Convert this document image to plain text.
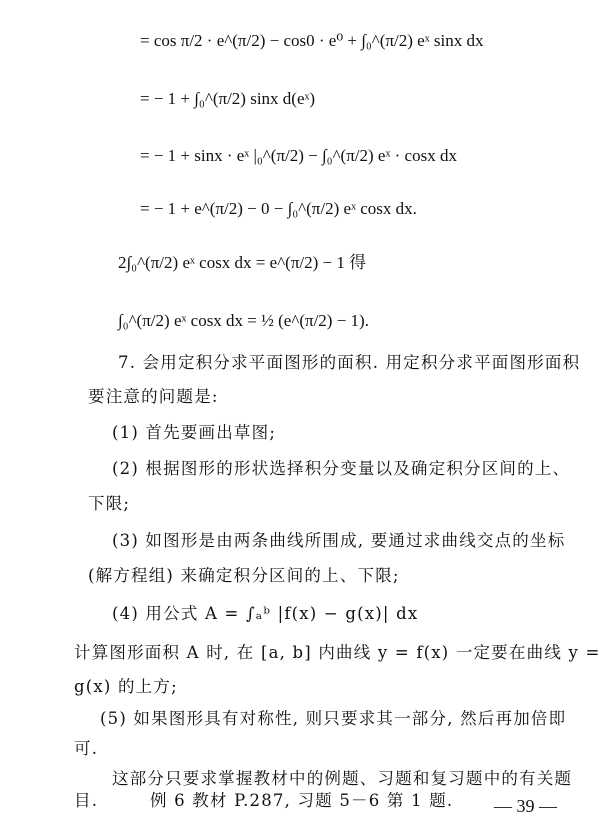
= cos π/2 · e^(π/2) − cos0 · e⁰ + ∫₀^(π/2) eˣ sinx dx
= − 1 + ∫₀^(π/2) sinx d(eˣ)
= − 1 + sinx · eˣ |₀^(π/2) − ∫₀^(π/2) eˣ · cosx dx
= − 1 + e^(π/2) − 0 − ∫₀^(π/2) eˣ cosx dx.
2∫₀^(π/2) eˣ cosx dx = e^(π/2) − 1 得
∫₀^(π/2) eˣ cosx dx = ½ (e^(π/2) − 1).
7. 会用定积分求平面图形的面积. 用定积分求平面图形面积
要注意的问题是:
(1) 首先要画出草图;
(2) 根据图形的形状选择积分变量以及确定积分区间的上、
下限;
(3) 如图形是由两条曲线所围成, 要通过求曲线交点的坐标
(解方程组) 来确定积分区间的上、下限;
(4) 用公式 A = ∫ₐᵇ |f(x) − g(x)| dx
计算图形面积 A 时, 在 [a, b] 内曲线 y = f(x) 一定要在曲线 y =
g(x) 的上方;
(5) 如果图形具有对称性, 则只要求其一部分, 然后再加倍即
可.
这部分只要求掌握教材中的例题、习题和复习题中的有关题
目.	例 6 教材 P.287, 习题 5－6 第 1 题. — 39 —
